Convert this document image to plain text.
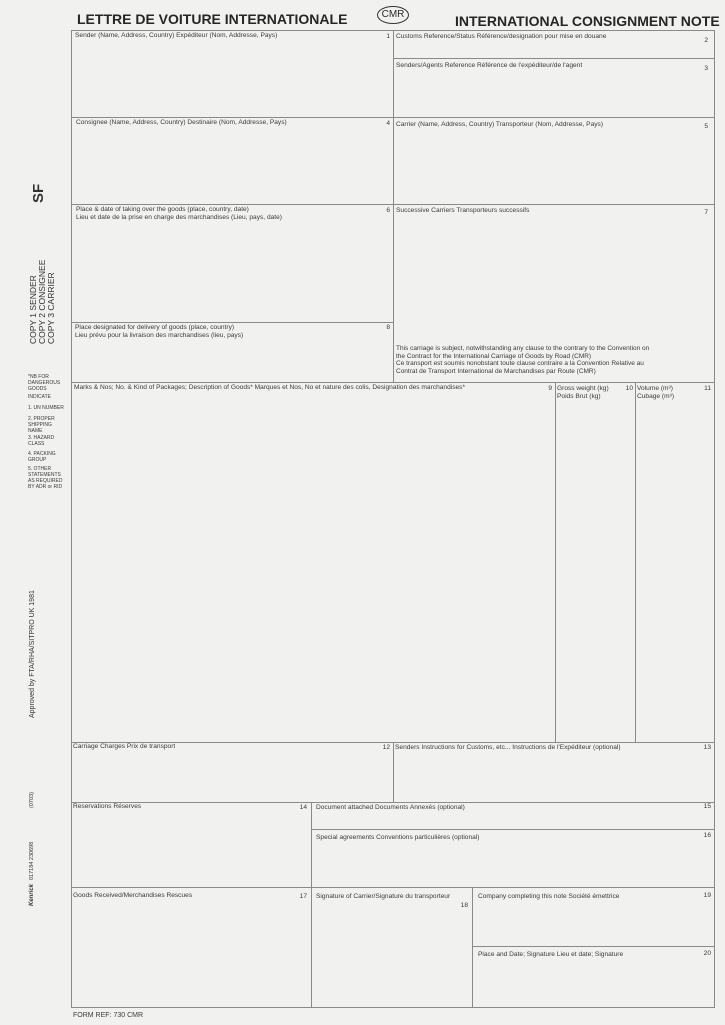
LETTRE DE VOITURE INTERNATIONALE	CMR	INTERNATIONAL CONSIGNMENT NOTE
SF
COPY 1 SENDER COPY 2 CONSIGNEE COPY 3 CARRIER
*NB FOR DANGEROUS GOODS
INDICATE
1. UN NUMBER
2. PROPER SHIPPING NAME
3. HAZARD CLASS
4. PACKING GROUP
5. OTHER STATEMENTS AS REQUIRED BY ADR or RID
Approved by FTA/RHA/SITPRO UK 1981
(0703)
017184 230698
Kenrick
Sender (Name, Address, Country) Expéditeur (Nom, Addresse, Pays)	1 Customs Reference/Status Référence/designation pour mise en douane
2
Senders/Agents Reference Référence de l'expéditeur/de l'agent	3
Consignee (Name, Address, Country) Destinaire (Nom, Addresse, Pays)	4 Carrier (Name, Address, Country) Transporteur (Nom, Addresse, Pays)	5
Place & date of taking over the goods (place, country, date)
Lieu et date de la prise en charge des marchandises (Lieu, pays, date)
6 Successive Carriers Transporteurs successifs	7
Place designated for delivery of goods (place, country)
Lieu prévu pour la livraison des marchandises (lieu, pays)
8
This carriage is subject, notwithstanding any clause to the contrary to the Convention on
the Contract for the International Carriage of Goods by Road (CMR)
Ce transport est soumis nonobstant toute clause contraire a la Convention Relative au
Contrat de Transport International de Marchandises par Route (CMR)
Marks & Nos; No. & Kind of Packages; Description of Goods* Marques et Nos, No et nature des colis, Designation des marchandises*	9 Gross weight (kg)
Poids Brut (kg)
10 Volume (m³)
Cubage (m³)
11
Carriage Charges Prix de transport	12 Senders Instructions for Customs, etc... Instructions de l'Expéditeur (optional)	13
Reservations Réserves	14 Document attached Documents Annexés (optional)	15
Special agreements Conventions particulières (optional)	16
Goods Received/Merchandises Rescues	17 Signature of Carrier/Signature du transporteur
18
Company completing this note Société émettrice	19
Place and Date; Signature Lieu et date; Signature	20
FORM REF: 730 CMR
